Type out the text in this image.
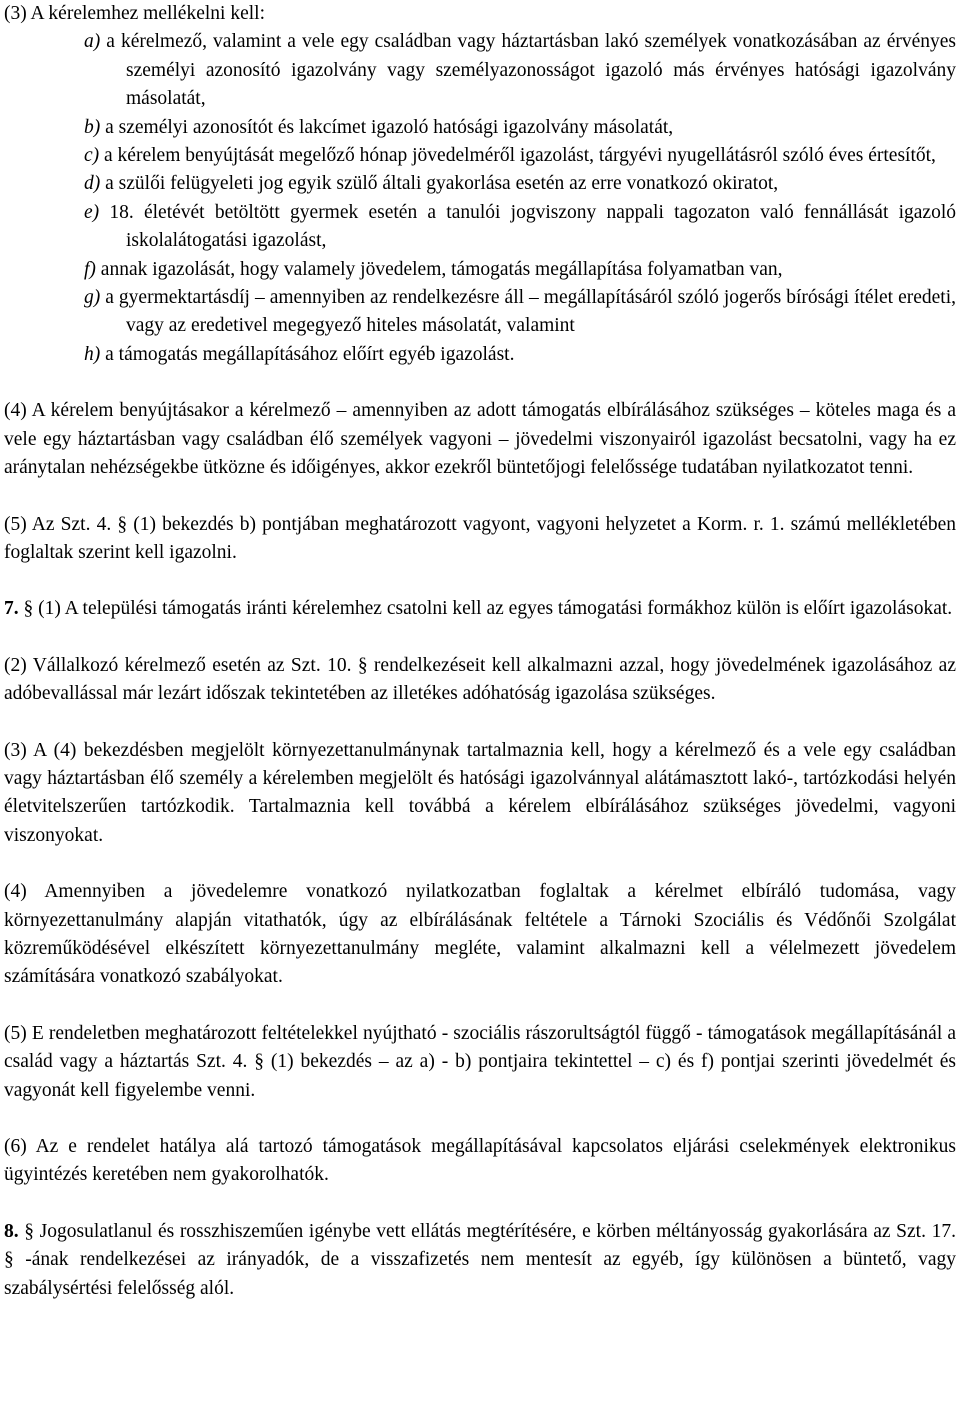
(3) A kérelemhez mellékelni kell:

a) a kérelmező, valamint a vele egy családban vagy háztartásban lakó személyek vonatkozásában az érvényes személyi azonosító igazolvány vagy személyazonosságot igazoló más érvényes hatósági igazolvány másolatát,

b) a személyi azonosítót és lakcímet igazoló hatósági igazolvány másolatát,

c) a kérelem benyújtását megelőző hónap jövedelméről igazolást, tárgyévi nyugellátásról szóló éves értesítőt,

d) a szülői felügyeleti jog egyik szülő általi gyakorlása esetén az erre vonatkozó okiratot,

e) 18. életévét betöltött gyermek esetén a tanulói jogviszony nappali tagozaton való fennállását igazoló iskolalátogatási igazolást,

f) annak igazolását, hogy valamely jövedelem, támogatás megállapítása folyamatban van,

g) a gyermektartásdíj – amennyiben az rendelkezésre áll – megállapításáról szóló jogerős bírósági ítélet eredeti, vagy az eredetivel megegyező hiteles másolatát, valamint

h) a támogatás megállapításához előírt egyéb igazolást.

(4) A kérelem benyújtásakor a kérelmező – amennyiben az adott támogatás elbírálásához szükséges – köteles maga és a vele egy háztartásban vagy családban élő személyek vagyoni – jövedelmi viszonyairól igazolást becsatolni, vagy ha ez aránytalan nehézségekbe ütközne és időigényes, akkor ezekről büntetőjogi felelőssége tudatában nyilatkozatot tenni.

(5) Az Szt. 4. § (1) bekezdés b) pontjában meghatározott vagyont, vagyoni helyzetet a Korm. r. 1. számú mellékletében foglaltak szerint kell igazolni.

7. § (1) A települési támogatás iránti kérelemhez csatolni kell az egyes támogatási formákhoz külön is előírt igazolásokat.

(2) Vállalkozó kérelmező esetén az Szt. 10. § rendelkezéseit kell alkalmazni azzal, hogy jövedelmének igazolásához az adóbevallással már lezárt időszak tekintetében az illetékes adóhatóság igazolása szükséges.

(3) A (4) bekezdésben megjelölt környezettanulmánynak tartalmaznia kell, hogy a kérelmező és a vele egy családban vagy háztartásban élő személy a kérelemben megjelölt és hatósági igazolvánnyal alátámasztott lakó-, tartózkodási helyén életvitelszerűen tartózkodik. Tartalmaznia kell továbbá a kérelem elbírálásához szükséges jövedelmi, vagyoni viszonyokat.

(4) Amennyiben a jövedelemre vonatkozó nyilatkozatban foglaltak a kérelmet elbíráló tudomása, vagy környezettanulmány alapján vitathatók, úgy az elbírálásának feltétele a Tárnoki Szociális és Védőnői Szolgálat közreműködésével elkészített környezettanulmány megléte, valamint alkalmazni kell a vélelmezett jövedelem számítására vonatkozó szabályokat.

(5) E rendeletben meghatározott feltételekkel nyújtható - szociális rászorultságtól függő - támogatások megállapításánál a család vagy a háztartás Szt. 4. § (1) bekezdés – az a) - b) pontjaira tekintettel – c) és f) pontjai szerinti jövedelmét és vagyonát kell figyelembe venni.

(6) Az e rendelet hatálya alá tartozó támogatások megállapításával kapcsolatos eljárási cselekmények elektronikus ügyintézés keretében nem gyakorolhatók.

8. § Jogosulatlanul és rosszhiszeműen igénybe vett ellátás megtérítésére, e körben méltányosság gyakorlására az Szt. 17. § -ának rendelkezései az irányadók, de a visszafizetés nem mentesít az egyéb, így különösen a büntető, vagy szabálysértési felelősség alól.
